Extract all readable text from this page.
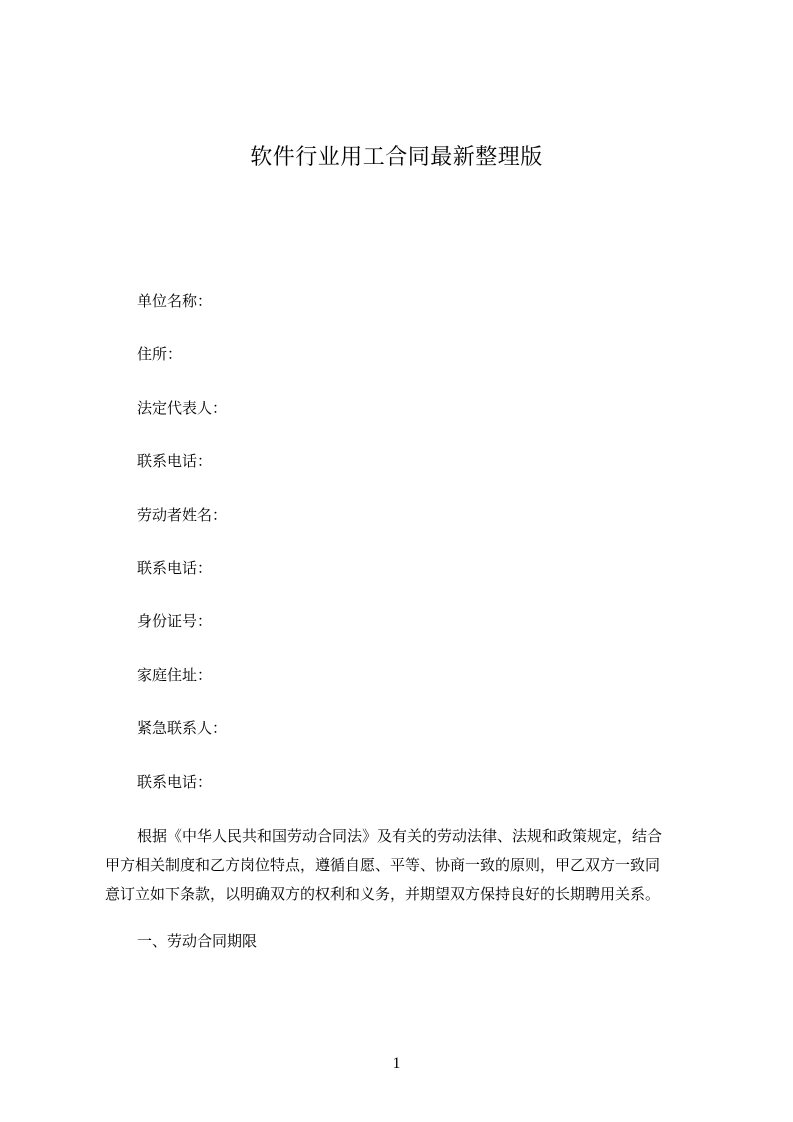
软件行业用工合同最新整理版
单位名称：
住所：
法定代表人：
联系电话：
劳动者姓名：
联系电话：
身份证号：
家庭住址：
紧急联系人：
联系电话：
根据《中华人民共和国劳动合同法》及有关的劳动法律、法规和政策规定，结合
甲方相关制度和乙方岗位特点，遵循自愿、平等、协商一致的原则，甲乙双方一致同
意订立如下条款，以明确双方的权利和义务，并期望双方保持良好的长期聘用关系。
一、劳动合同期限
1
